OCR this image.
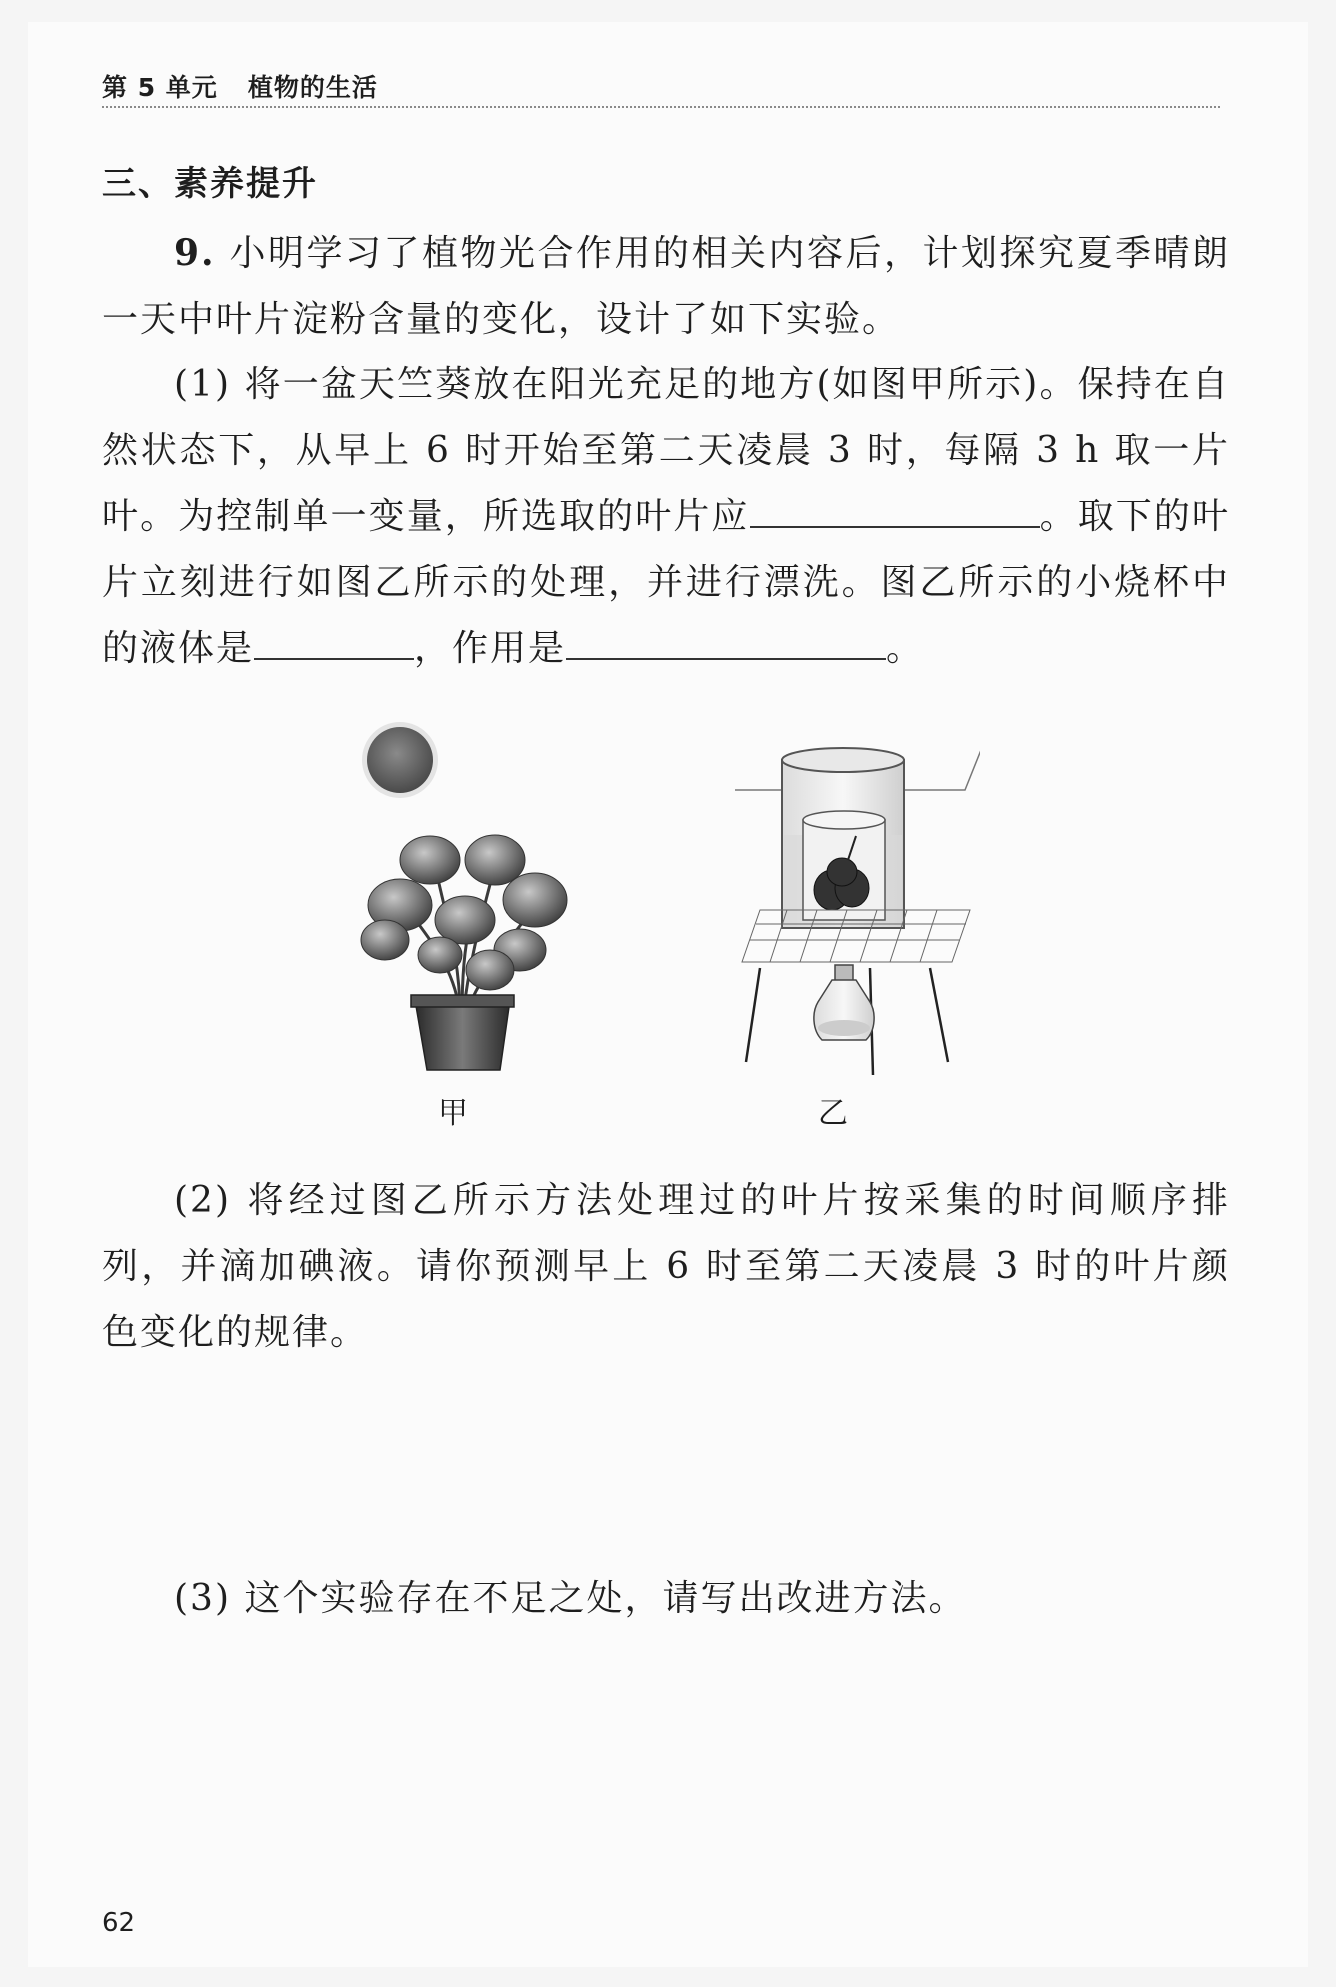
第 5 单元 植物的生活
三、素养提升

9. 小明学习了植物光合作用的相关内容后，计划探究夏季晴朗一天中叶片淀粉含量的变化，设计了如下实验。

(1) 将一盆天竺葵放在阳光充足的地方(如图甲所示)。保持在自然状态下，从早上 6 时开始至第二天凌晨 3 时，每隔 3 h 取一片叶。为控制单一变量，所选取的叶片应	。取下的叶片立刻进行如图乙所示的处理，并进行漂洗。图乙所示的小烧杯中的液体是	，作用是	。

甲	乙

(2) 将经过图乙所示方法处理过的叶片按采集的时间顺序排列，并滴加碘液。请你预测早上 6 时至第二天凌晨 3 时的叶片颜色变化的规律。

(3) 这个实验存在不足之处，请写出改进方法。

62
